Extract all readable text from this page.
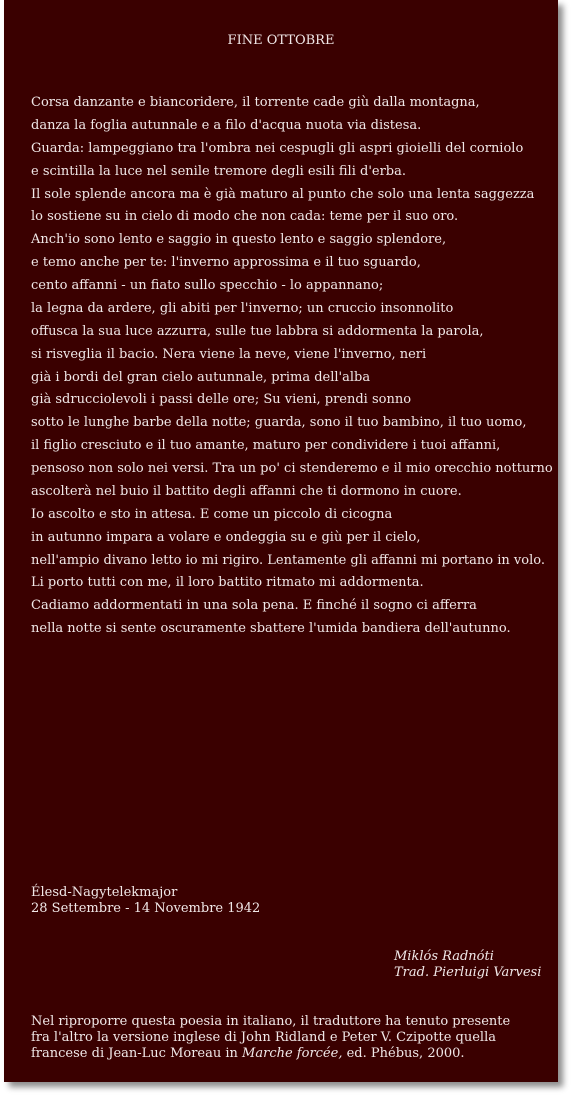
FINE OTTOBRE
Corsa danzante e biancoridere, il torrente cade giù dalla montagna,
danza la foglia autunnale e a filo d'acqua nuota via distesa.
Guarda: lampeggiano tra l'ombra nei cespugli gli aspri gioielli del corniolo
e scintilla la luce nel senile tremore degli esili fili d'erba.
Il sole splende ancora ma è già maturo al punto che solo una lenta saggezza
lo sostiene su in cielo di modo che non cada: teme per il suo oro.
Anch'io sono lento e saggio in questo lento e saggio splendore,
e temo anche per te: l'inverno approssima e il tuo sguardo,
cento affanni - un fiato sullo specchio - lo appannano;
la legna da ardere, gli abiti per l'inverno; un cruccio insonnolito
offusca la sua luce azzurra, sulle tue labbra si addormenta la parola,
si risveglia il bacio. Nera viene la neve, viene l'inverno, neri
già i bordi del gran cielo autunnale, prima dell'alba
già sdrucciolevoli i passi delle ore; Su vieni, prendi sonno
sotto le lunghe barbe della notte; guarda, sono il tuo bambino, il tuo uomo,
il figlio cresciuto e il tuo amante, maturo per condividere i tuoi affanni,
pensoso non solo nei versi. Tra un po' ci stenderemo e il mio orecchio notturno
ascolterà nel buio il battito degli affanni che ti dormono in cuore.
Io ascolto e sto in attesa. E come un piccolo di cicogna
in autunno impara a volare e ondeggia su e giù per il cielo,
nell'ampio divano letto io mi rigiro. Lentamente gli affanni mi portano in volo.
Li porto tutti con me, il loro battito ritmato mi addormenta.
Cadiamo addormentati in una sola pena. E finché il sogno ci afferra
nella notte si sente oscuramente sbattere l'umida bandiera dell'autunno.
Élesd-Nagytelekmajor
28 Settembre - 14 Novembre 1942
Miklós Radnóti
Trad. Pierluigi Varvesi
Nel riproporre questa poesia in italiano, il traduttore ha tenuto presente
fra l'altro la versione inglese di John Ridland e Peter V. Czipotte quella
francese di Jean-Luc Moreau in Marche forcée, ed. Phébus, 2000.
